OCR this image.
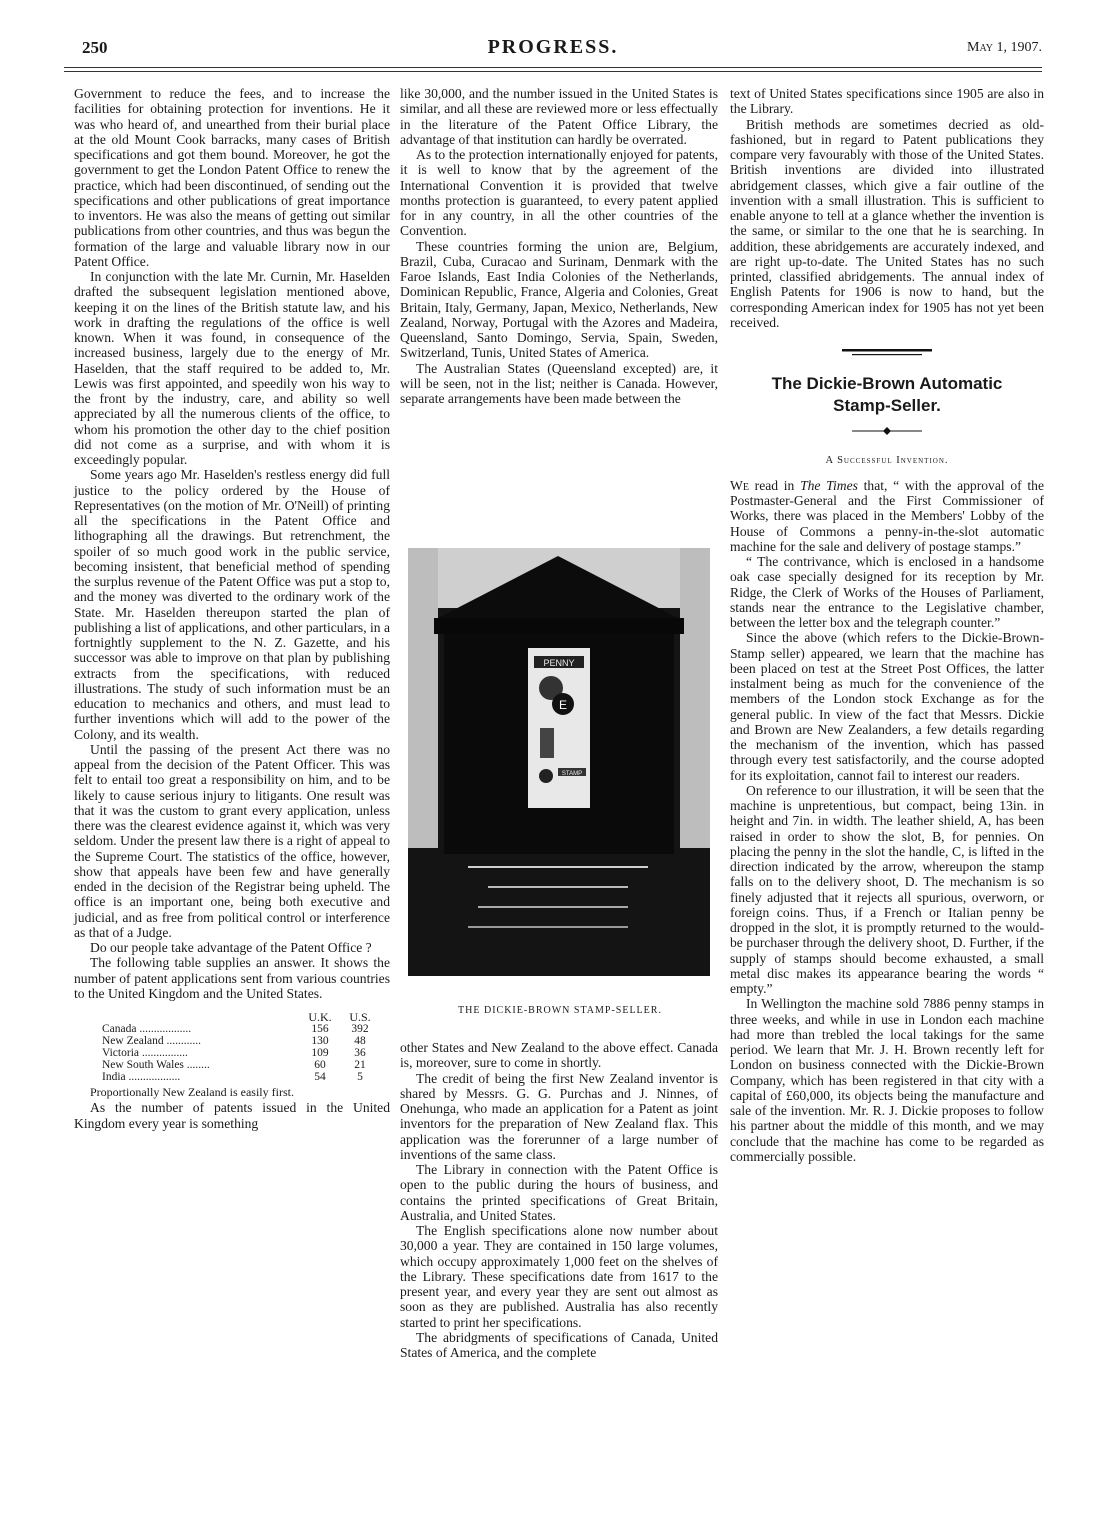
250	PROGRESS.	May 1, 1907.

Government to reduce the fees, and to increase the facilities for obtaining protection for inventions. He it was who heard of, and unearthed from their burial place at the old Mount Cook barracks, many cases of British specifications and got them bound. Moreover, he got the government to get the London Patent Office to renew the practice, which had been discontinued, of sending out the specifications and other publications of great importance to inventors. He was also the means of getting out similar publications from other countries, and thus was begun the formation of the large and valuable library now in our Patent Office.

In conjunction with the late Mr. Curnin, Mr. Haselden drafted the subsequent legislation mentioned above, keeping it on the lines of the British statute law, and his work in drafting the regulations of the office is well known. When it was found, in consequence of the increased business, largely due to the energy of Mr. Haselden, that the staff required to be added to, Mr. Lewis was first appointed, and speedily won his way to the front by the industry, care, and ability so well appreciated by all the numerous clients of the office, to whom his promotion the other day to the chief position did not come as a surprise, and with whom it is exceedingly popular.

Some years ago Mr. Haselden's restless energy did full justice to the policy ordered by the House of Representatives (on the motion of Mr. O'Neill) of printing all the specifications in the Patent Office and lithographing all the drawings. But retrenchment, the spoiler of so much good work in the public service, becoming insistent, that beneficial method of spending the surplus revenue of the Patent Office was put a stop to, and the money was diverted to the ordinary work of the State. Mr. Haselden thereupon started the plan of publishing a list of applications, and other particulars, in a fortnightly supplement to the N. Z. Gazette, and his successor was able to improve on that plan by publishing extracts from the specifications, with reduced illustrations. The study of such information must be an education to mechanics and others, and must lead to further inventions which will add to the power of the Colony, and its wealth.

Until the passing of the present Act there was no appeal from the decision of the Patent Officer. This was felt to entail too great a responsibility on him, and to be likely to cause serious injury to litigants. One result was that it was the custom to grant every application, unless there was the clearest evidence against it, which was very seldom. Under the present law there is a right of appeal to the Supreme Court. The statistics of the office, however, show that appeals have been few and have generally ended in the decision of the Registrar being upheld. The office is an important one, being both executive and judicial, and as free from political control or interference as that of a Judge.

Do our people take advantage of the Patent Office ?

The following table supplies an answer. It shows the number of patent applications sent from various countries to the United Kingdom and the United States.

	U.K.	U.S.
Canada ..................	156	392
New Zealand ............	130	48
Victoria ................	109	36
New South Wales ........	60	21
India ..................	54	5

Proportionally New Zealand is easily first.

As the number of patents issued in the United Kingdom every year is something

like 30,000, and the number issued in the United States is similar, and all these are reviewed more or less effectually in the literature of the Patent Office Library, the advantage of that institution can hardly be overrated.

As to the protection internationally enjoyed for patents, it is well to know that by the agreement of the International Convention it is provided that twelve months protection is guaranteed, to every patent applied for in any country, in all the other countries of the Convention.

These countries forming the union are, Belgium, Brazil, Cuba, Curacao and Surinam, Denmark with the Faroe Islands, East India Colonies of the Netherlands, Dominican Republic, France, Algeria and Colonies, Great Britain, Italy, Germany, Japan, Mexico, Netherlands, New Zealand, Norway, Portugal with the Azores and Madeira, Queensland, Santo Domingo, Servia, Spain, Sweden, Switzerland, Tunis, United States of America.

The Australian States (Queensland excepted) are, it will be seen, not in the list; neither is Canada. However, separate arrangements have been made between the

PENNY
E
STAMP
THE DICKIE-BROWN STAMP-SELLER.

other States and New Zealand to the above effect. Canada is, moreover, sure to come in shortly.

The credit of being the first New Zealand inventor is shared by Messrs. G. G. Purchas and J. Ninnes, of Onehunga, who made an application for a Patent as joint inventors for the preparation of New Zealand flax. This application was the forerunner of a large number of inventions of the same class.

The Library in connection with the Patent Office is open to the public during the hours of business, and contains the printed specifications of Great Britain, Australia, and United States.

The English specifications alone now number about 30,000 a year. They are contained in 150 large volumes, which occupy approximately 1,000 feet on the shelves of the Library. These specifications date from 1617 to the present year, and every year they are sent out almost as soon as they are published. Australia has also recently started to print her specifications.

The abridgments of specifications of Canada, United States of America, and the complete

text of United States specifications since 1905 are also in the Library.

British methods are sometimes decried as old-fashioned, but in regard to Patent publications they compare very favourably with those of the United States. British inventions are divided into illustrated abridgement classes, which give a fair outline of the invention with a small illustration. This is sufficient to enable anyone to tell at a glance whether the invention is the same, or similar to the one that he is searching. In addition, these abridgements are accurately indexed, and are right up-to-date. The United States has no such printed, classified abridgements. The annual index of English Patents for 1906 is now to hand, but the corresponding American index for 1905 has not yet been received.

The Dickie-Brown Automatic
Stamp-Seller.
A Successful Invention.

We read in The Times that, “ with the approval of the Postmaster-General and the First Commissioner of Works, there was placed in the Members' Lobby of the House of Commons a penny-in-the-slot automatic machine for the sale and delivery of postage stamps.”

“ The contrivance, which is enclosed in a handsome oak case specially designed for its reception by Mr. Ridge, the Clerk of Works of the Houses of Parliament, stands near the entrance to the Legislative chamber, between the letter box and the telegraph counter.”

Since the above (which refers to the Dickie-Brown-Stamp seller) appeared, we learn that the machine has been placed on test at the Street Post Offices, the latter instalment being as much for the convenience of the members of the London stock Exchange as for the general public. In view of the fact that Messrs. Dickie and Brown are New Zealanders, a few details regarding the mechanism of the invention, which has passed through every test satisfactorily, and the course adopted for its exploitation, cannot fail to interest our readers.

On reference to our illustration, it will be seen that the machine is unpretentious, but compact, being 13in. in height and 7in. in width. The leather shield, A, has been raised in order to show the slot, B, for pennies. On placing the penny in the slot the handle, C, is lifted in the direction indicated by the arrow, whereupon the stamp falls on to the delivery shoot, D. The mechanism is so finely adjusted that it rejects all spurious, overworn, or foreign coins. Thus, if a French or Italian penny be dropped in the slot, it is promptly returned to the would-be purchaser through the delivery shoot, D. Further, if the supply of stamps should become exhausted, a small metal disc makes its appearance bearing the words “ empty.”

In Wellington the machine sold 7886 penny stamps in three weeks, and while in use in London each machine had more than trebled the local takings for the same period. We learn that Mr. J. H. Brown recently left for London on business connected with the Dickie-Brown Company, which has been registered in that city with a capital of £60,000, its objects being the manufacture and sale of the invention. Mr. R. J. Dickie proposes to follow his partner about the middle of this month, and we may conclude that the machine has come to be regarded as commercially possible.
